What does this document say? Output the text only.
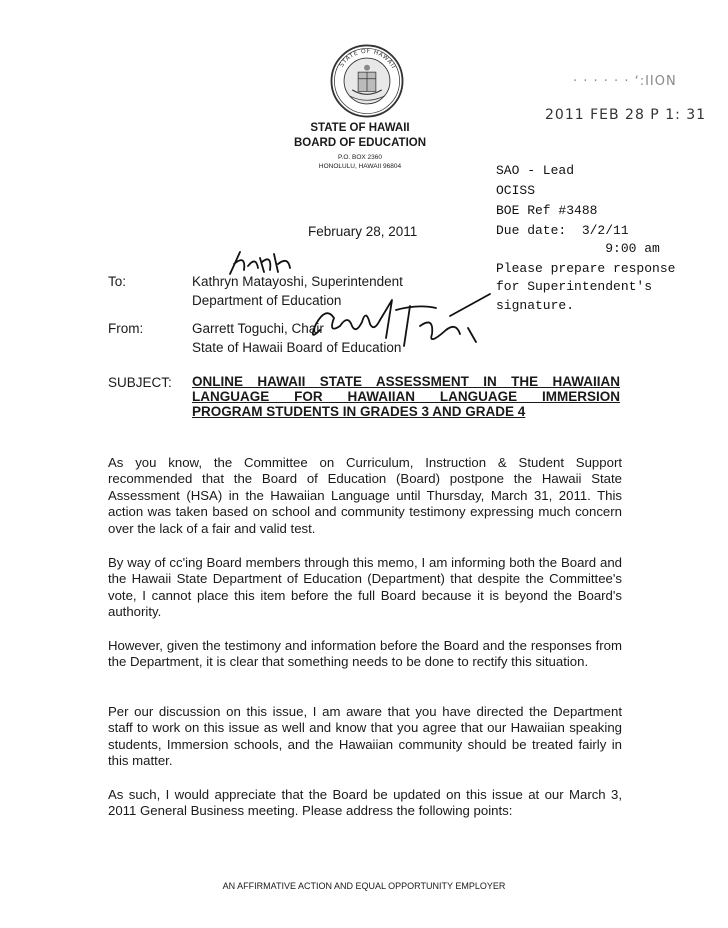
STATE OF HAWAII
STATE OF HAWAII
BOARD OF EDUCATION
P.O. BOX 2360
HONOLULU, HAWAII 96804
· · · · · · ʻ:IION
2011 FEB 28 P 1: 31
SAO - Lead
OCISS
BOE Ref #3488
Due date:  3/2/11
9:00 am
Please prepare response
for Superintendent's
signature.
February 28, 2011
To:	Kathryn Matayoshi, Superintendent
Department of Education
From:	Garrett Toguchi, Chair
State of Hawaii Board of Education
SUBJECT: ONLINE HAWAII STATE ASSESSMENT IN THE HAWAIIAN
LANGUAGE FOR HAWAIIAN LANGUAGE IMMERSION
PROGRAM STUDENTS IN GRADES 3 AND GRADE 4
As you know, the Committee on Curriculum, Instruction & Student Support recommended that the Board of Education (Board) postpone the Hawaii State Assessment (HSA) in the Hawaiian Language until Thursday, March 31, 2011. This action was taken based on school and community testimony expressing much concern over the lack of a fair and valid test.
By way of cc'ing Board members through this memo, I am informing both the Board and the Hawaii State Department of Education (Department) that despite the Committee's vote, I cannot place this item before the full Board because it is beyond the Board's authority.
However, given the testimony and information before the Board and the responses from the Department, it is clear that something needs to be done to rectify this situation.
Per our discussion on this issue, I am aware that you have directed the Department staff to work on this issue as well and know that you agree that our Hawaiian speaking students, Immersion schools, and the Hawaiian community should be treated fairly in this matter.
As such, I would appreciate that the Board be updated on this issue at our March 3, 2011 General Business meeting. Please address the following points:
AN AFFIRMATIVE ACTION AND EQUAL OPPORTUNITY EMPLOYER
